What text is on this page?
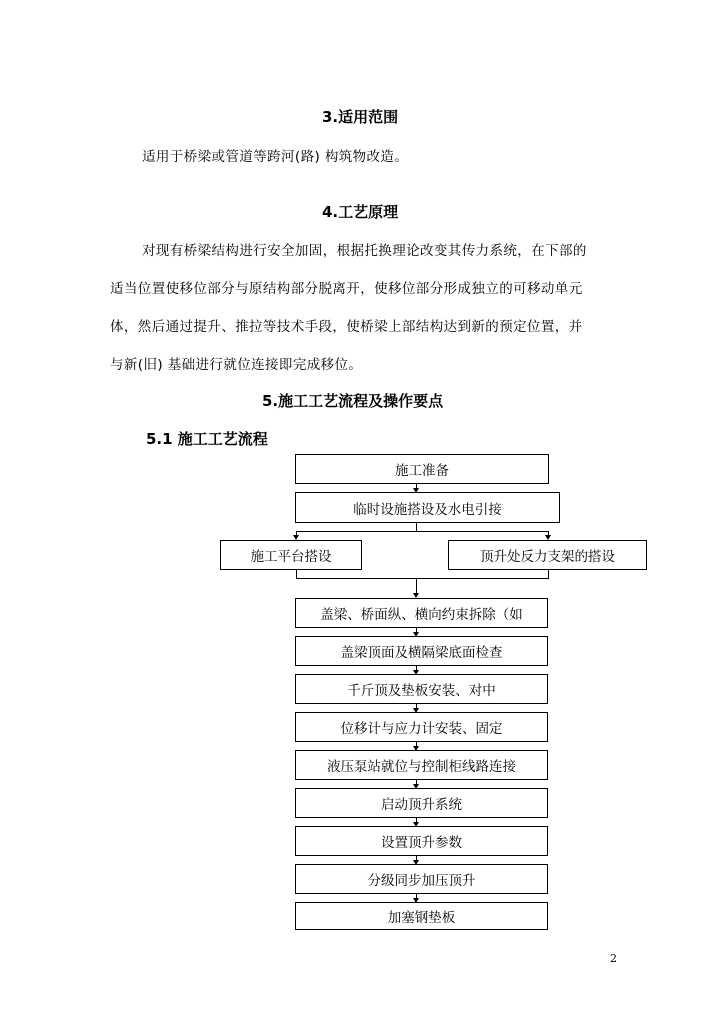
3.适用范围
适用于桥梁或管道等跨河(路) 构筑物改造。
4.工艺原理
对现有桥梁结构进行安全加固，根据托换理论改变其传力系统，在下部的
适当位置使移位部分与原结构部分脱离开，使移位部分形成独立的可移动单元
体，然后通过提升、推拉等技术手段，使桥梁上部结构达到新的预定位置，并
与新(旧) 基础进行就位连接即完成移位。
5.施工工艺流程及操作要点
5.1 施工工艺流程
施工准备
临时设施搭设及水电引接
施工平台搭设	顶升处反力支架的搭设
盖梁、桥面纵、横向约束拆除（如
盖梁顶面及横隔梁底面检查
千斤顶及垫板安装、对中
位移计与应力计安装、固定
液压泵站就位与控制柜线路连接
启动顶升系统
设置顶升参数
分级同步加压顶升
加塞钢垫板
2
